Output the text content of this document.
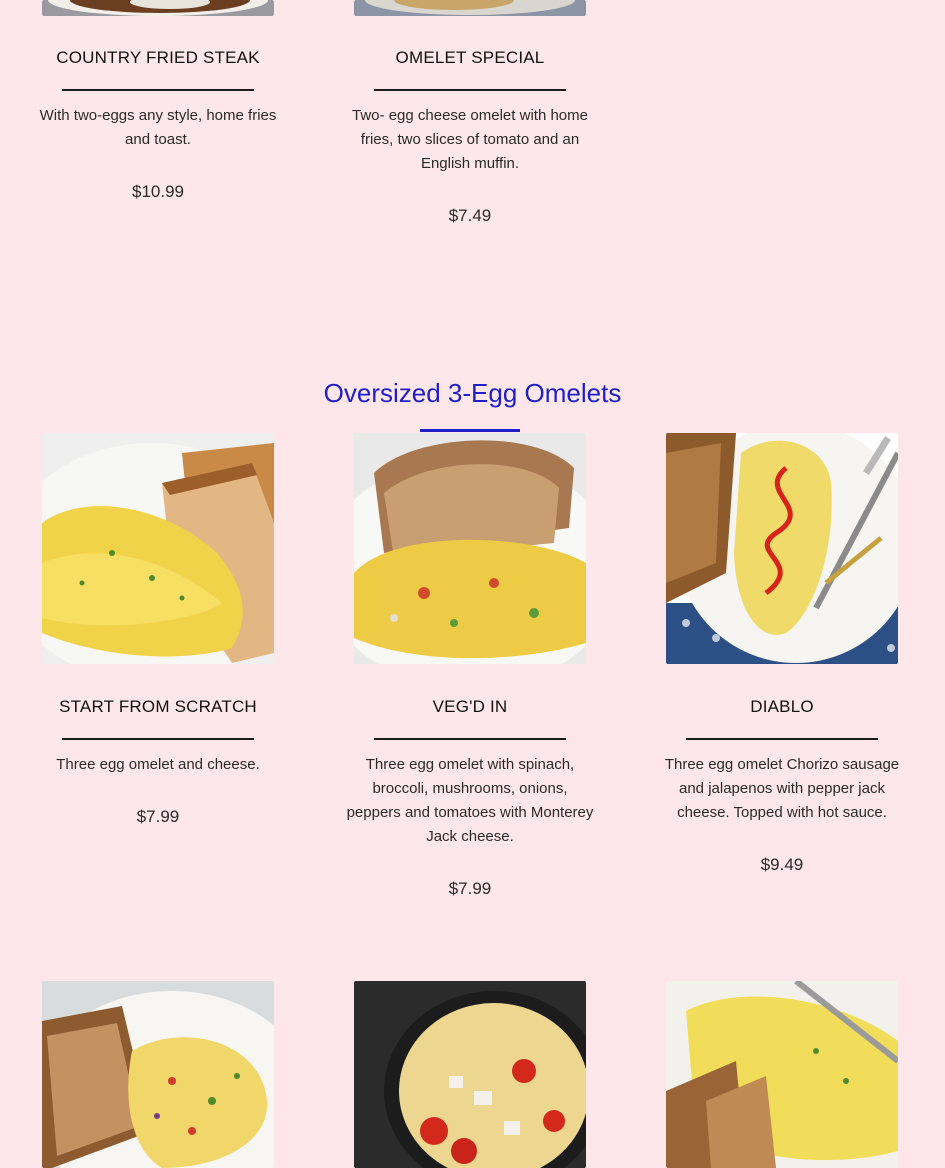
COUNTRY FRIED STEAK
With two-eggs any style, home fries and toast.
$10.99
OMELET SPECIAL
Two- egg cheese omelet with home fries, two slices of tomato and an English muffin.
$7.49
Oversized 3-Egg Omelets
START FROM SCRATCH
Three egg omelet and cheese.
$7.99
VEG'D IN
Three egg omelet with spinach, broccoli, mushrooms, onions, peppers and tomatoes with Monterey Jack cheese.
$7.99
DIABLO
Three egg omelet Chorizo sausage and jalapenos with pepper jack cheese. Topped with hot sauce.
$9.49
